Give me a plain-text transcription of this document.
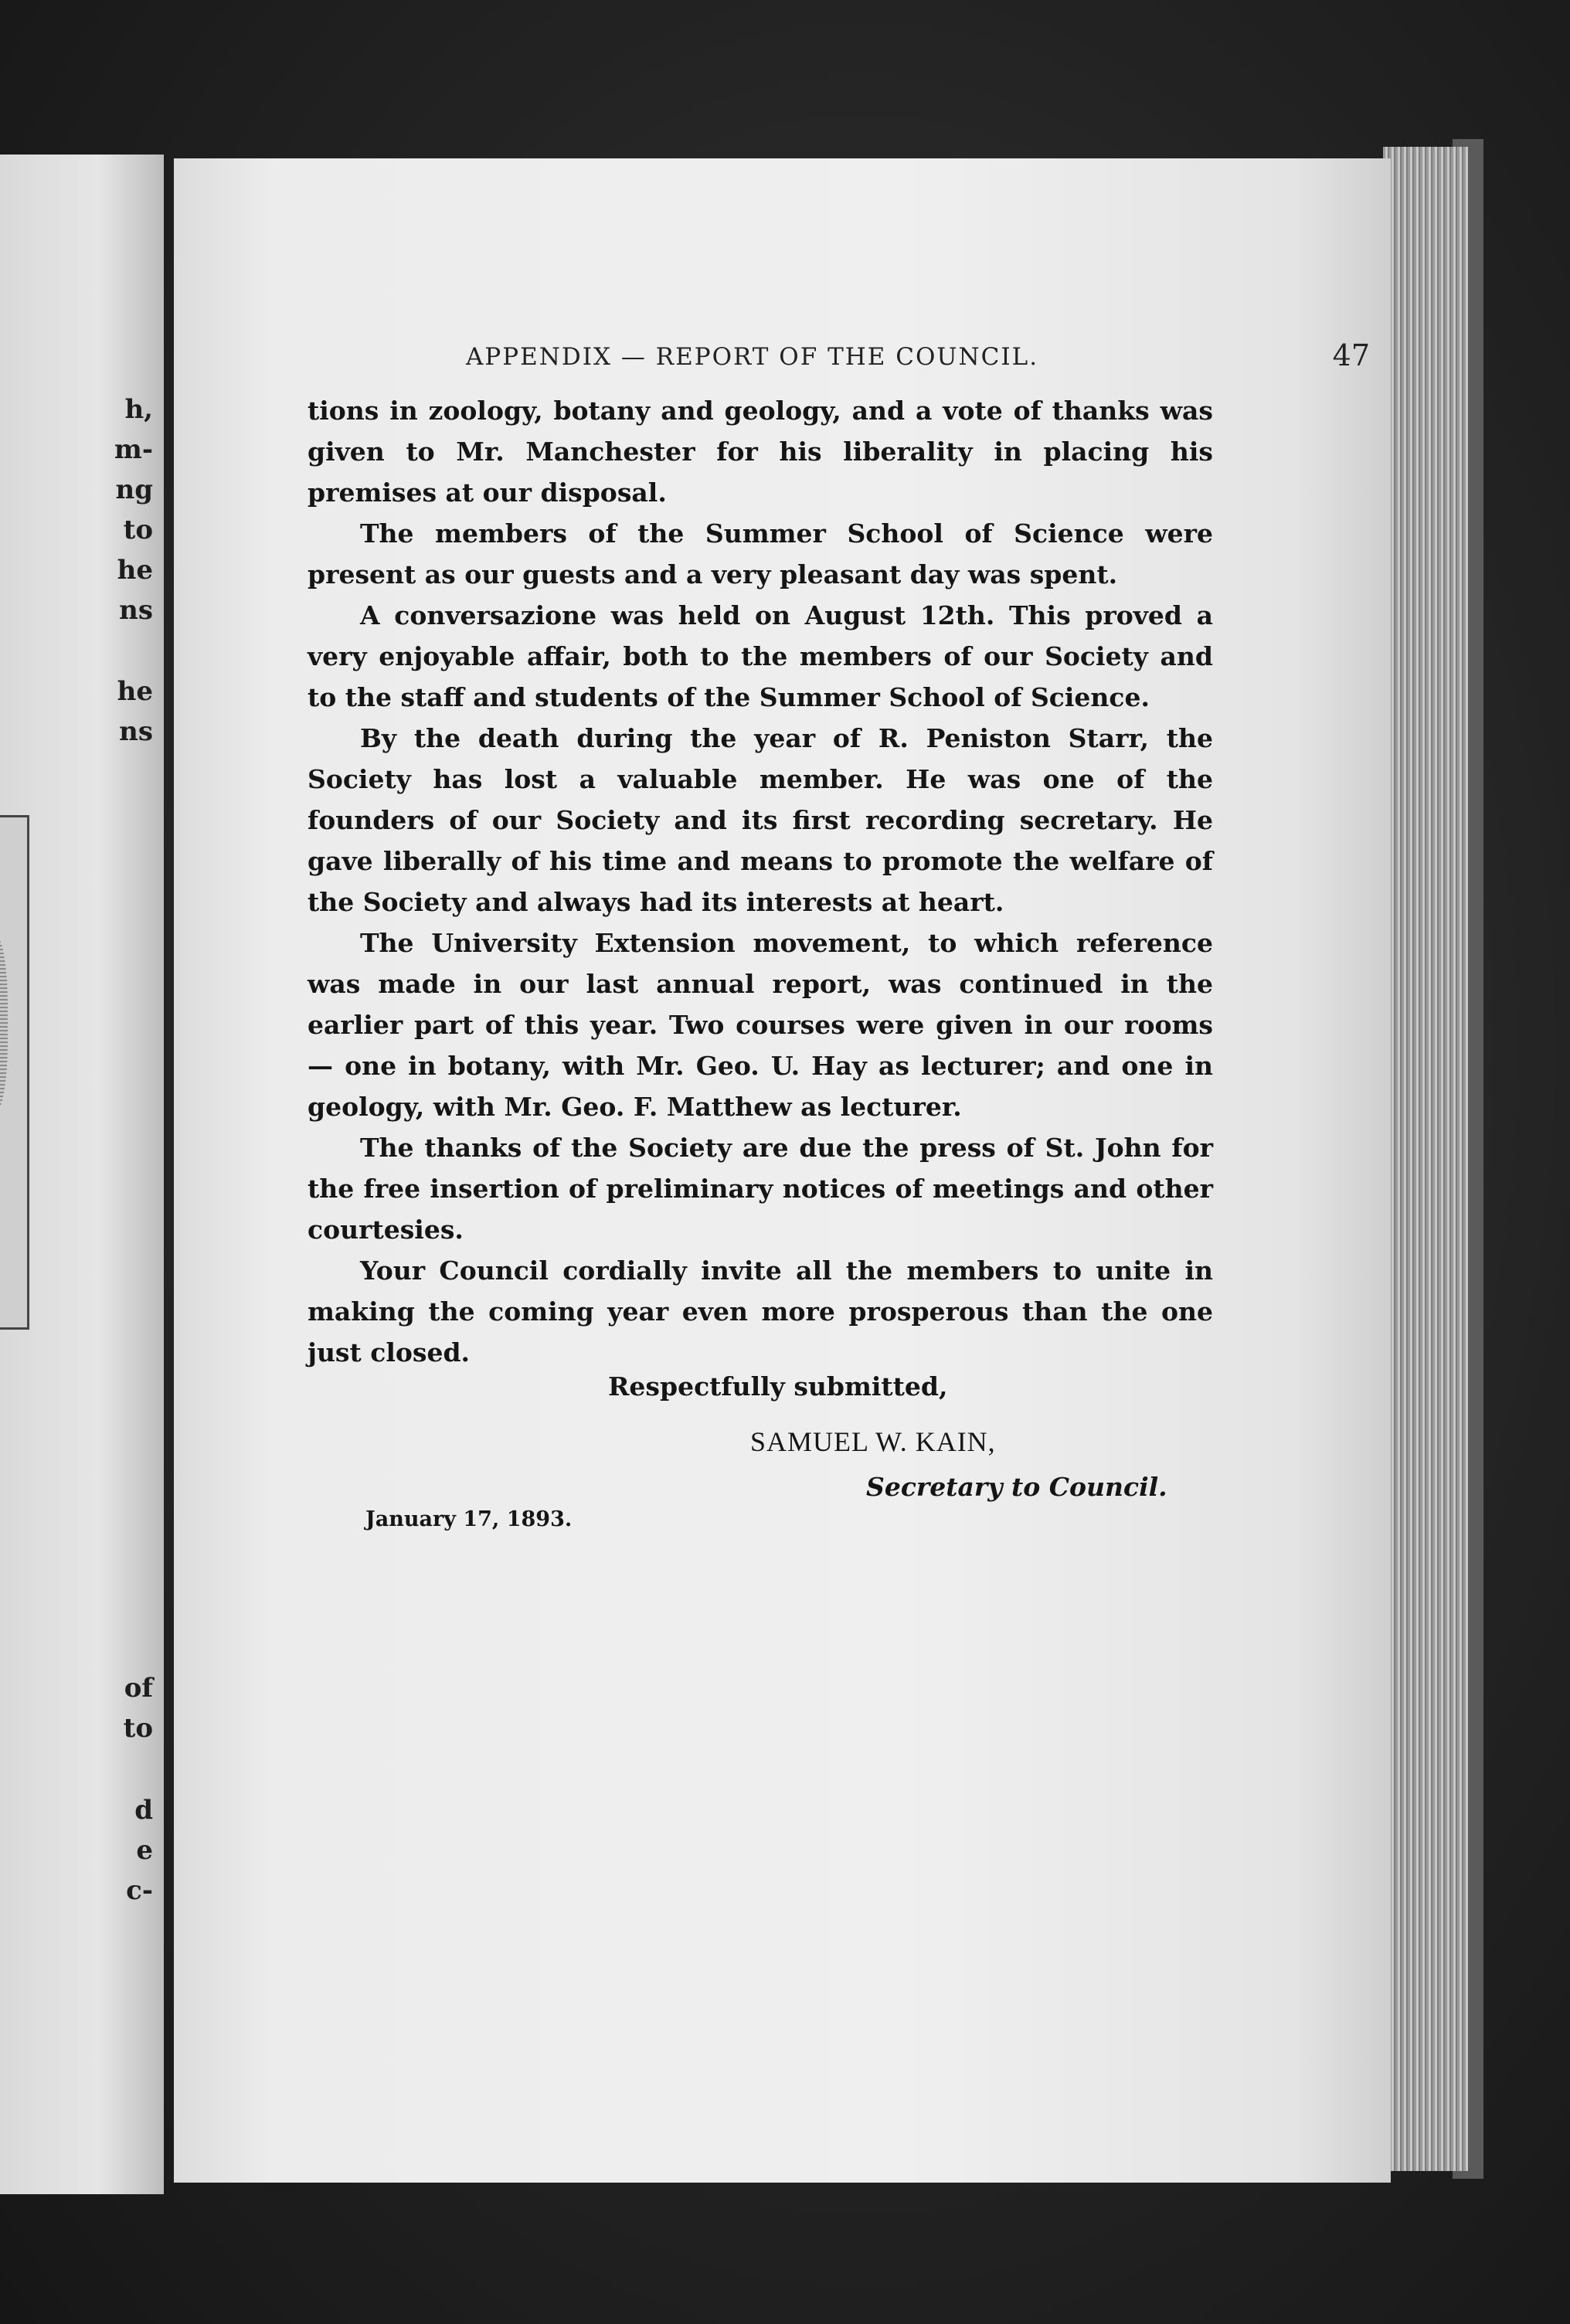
h,
m-
ng
to
he
ns
he
ns
of
to
d
e
c-
APPENDIX — REPORT OF THE COUNCIL.	47

tions in zoology, botany and geology, and a vote of thanks was given to Mr. Manchester for his liberality in placing his premises at our disposal.

The members of the Summer School of Science were present as our guests and a very pleasant day was spent.

A conversazione was held on August 12th. This proved a very enjoyable affair, both to the members of our Society and to the staff and students of the Summer School of Science.

By the death during the year of R. Peniston Starr, the Society has lost a valuable member. He was one of the founders of our Society and its first recording secretary. He gave liberally of his time and means to promote the welfare of the Society and always had its interests at heart.

The University Extension movement, to which reference was made in our last annual report, was continued in the earlier part of this year. Two courses were given in our rooms — one in botany, with Mr. Geo. U. Hay as lecturer; and one in geology, with Mr. Geo. F. Matthew as lecturer.

The thanks of the Society are due the press of St. John for the free insertion of preliminary notices of meetings and other courtesies.

Your Council cordially invite all the members to unite in making the coming year even more prosperous than the one just closed.

Respectfully submitted,
SAMUEL W. KAIN,
Secretary to Council.
January 17, 1893.
